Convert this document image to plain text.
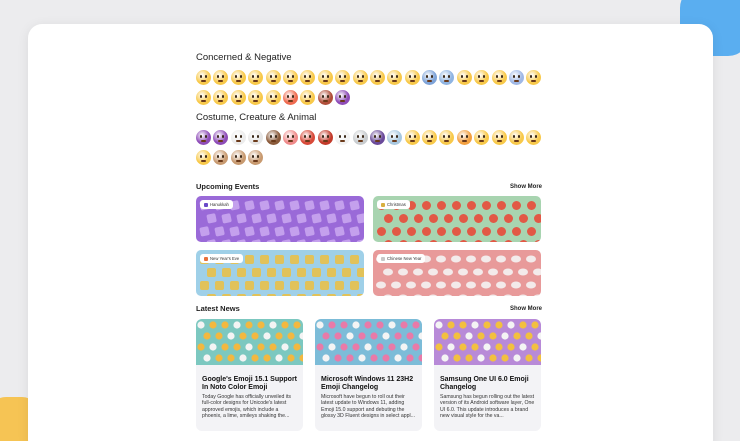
Concerned & Negative
Costume, Creature & Animal
Upcoming Events	Show More
Hanukkah	Christmas
New Year's Eve	Chinese New Year
Latest News	Show More
Google's Emoji 15.1 Support In Noto Color Emoji
Today Google has officially unveiled its full-color designs for Unicode's latest approved emojis, which include a phoenix, a lime, smileys shaking the...
Microsoft Windows 11 23H2 Emoji Changelog
Microsoft have begun to roll out their latest update to Windows 11, adding Emoji 15.0 support and debuting the glossy 3D Fluent designs in select appl...
Samsung One UI 6.0 Emoji Changelog
Samsung has begun rolling out the latest version of its Android software layer, One UI 6.0. This update introduces a brand new visual style for the va...
